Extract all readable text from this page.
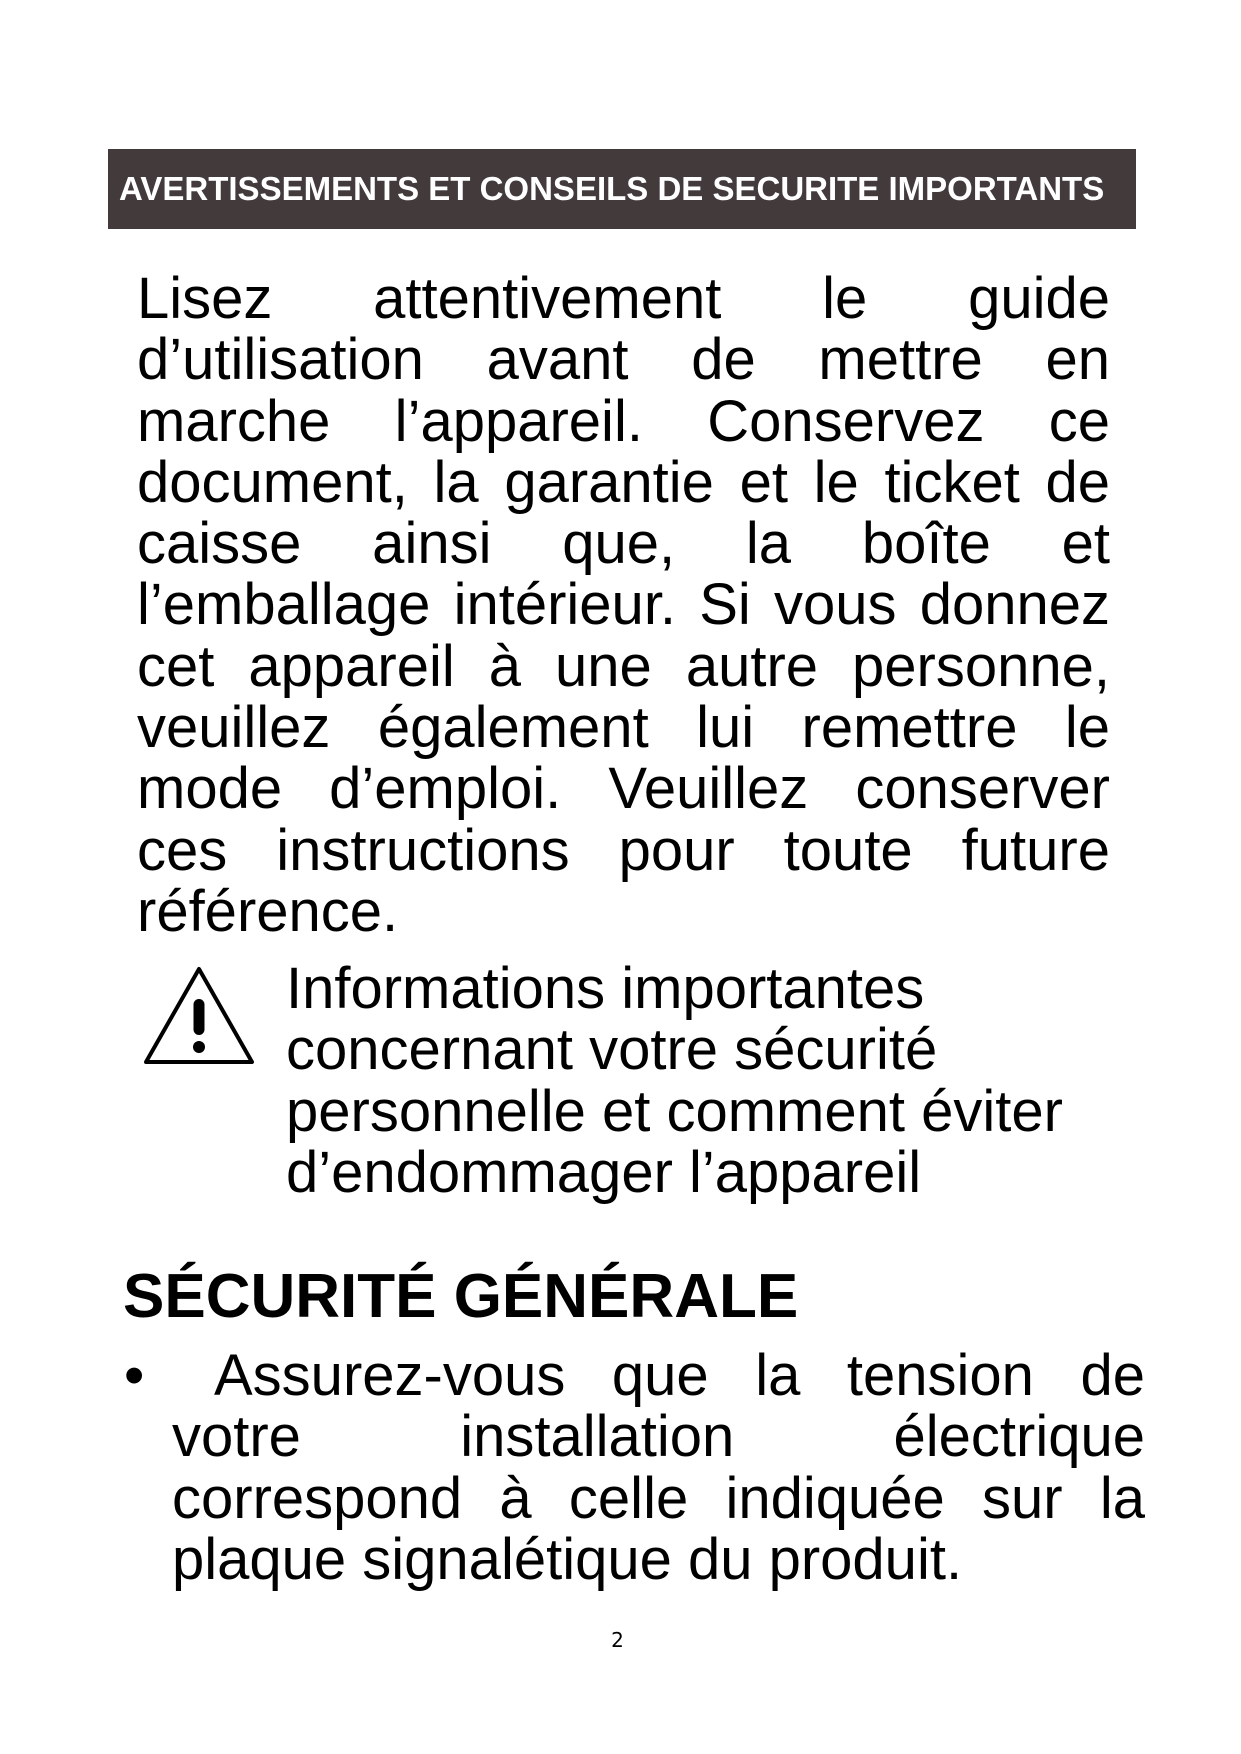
AVERTISSEMENTS ET CONSEILS DE SECURITE IMPORTANTS

Lisez attentivement le guide d’utilisation avant de mettre en marche l’appareil. Conservez ce document, la garantie et le ticket de caisse ainsi que, la boîte et l’emballage intérieur. Si vous donnez cet appareil à une autre personne, veuillez également lui remettre le mode d’emploi. Veuillez conserver ces instructions pour toute future référence.

Informations importantes concernant votre sécurité personnelle et comment éviter d’endommager l’appareil

SÉCURITÉ GÉNÉRALE
•	Assurez-vous que la tension de votre installation électrique correspond à celle indiquée sur la plaque signalétique du produit.

2
